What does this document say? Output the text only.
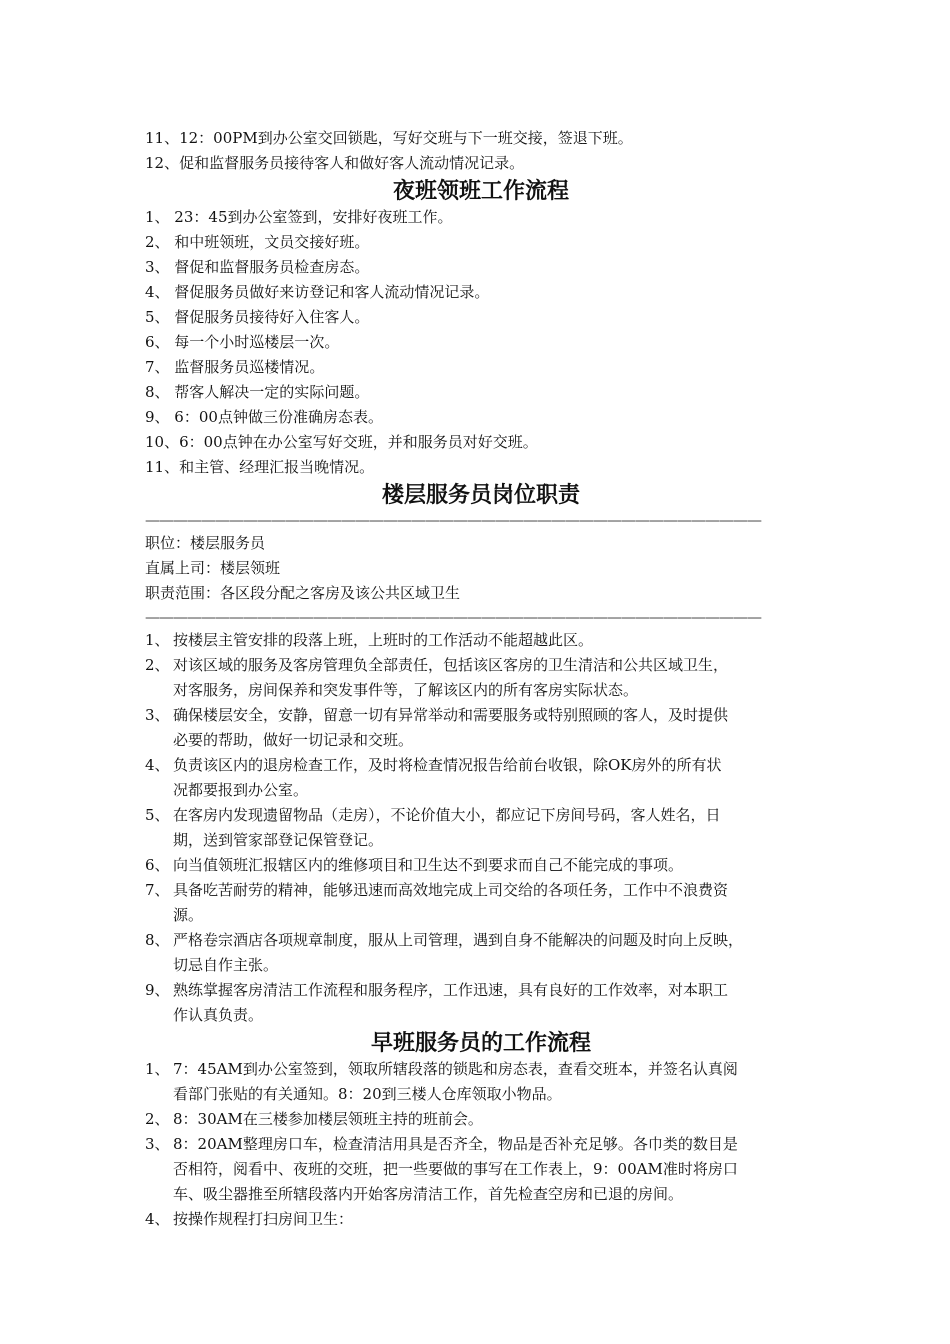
11、12：00PM到办公室交回锁匙，写好交班与下一班交接，签退下班。
12、促和监督服务员接待客人和做好客人流动情况记录。
夜班领班工作流程
1、 23：45到办公室签到，安排好夜班工作。
2、 和中班领班，文员交接好班。
3、 督促和监督服务员检查房态。
4、 督促服务员做好来访登记和客人流动情况记录。
5、 督促服务员接待好入住客人。
6、 每一个小时巡楼层一次。
7、 监督服务员巡楼情况。
8、 帮客人解决一定的实际问题。
9、 6：00点钟做三份准确房态表。
10、6：00点钟在办公室写好交班，并和服务员对好交班。
11、和主管、经理汇报当晚情况。
楼层服务员岗位职责
————————————————————————————————————————————
职位：楼层服务员
直属上司：楼层领班
职责范围：各区段分配之客房及该公共区域卫生
————————————————————————————————————————————
1、 按楼层主管安排的段落上班，上班时的工作活动不能超越此区。
2、 对该区域的服务及客房管理负全部责任，包括该区客房的卫生清洁和公共区域卫生，
对客服务，房间保养和突发事件等，了解该区内的所有客房实际状态。
3、 确保楼层安全，安静，留意一切有异常举动和需要服务或特别照顾的客人，及时提供
必要的帮助，做好一切记录和交班。
4、 负责该区内的退房检查工作，及时将检查情况报告给前台收银，除OK房外的所有状
况都要报到办公室。
5、 在客房内发现遗留物品（走房），不论价值大小，都应记下房间号码，客人姓名，日
期，送到管家部登记保管登记。
6、 向当值领班汇报辖区内的维修项目和卫生达不到要求而自己不能完成的事项。
7、 具备吃苦耐劳的精神，能够迅速而高效地完成上司交给的各项任务，工作中不浪费资
源。
8、 严格卷宗酒店各项规章制度，服从上司管理，遇到自身不能解决的问题及时向上反映，
切忌自作主张。
9、 熟练掌握客房清洁工作流程和服务程序，工作迅速，具有良好的工作效率，对本职工
作认真负责。
早班服务员的工作流程
1、 7：45AM到办公室签到，领取所辖段落的锁匙和房态表，查看交班本，并签名认真阅
看部门张贴的有关通知。8：20到三楼人仓库领取小物品。
2、 8：30AM在三楼参加楼层领班主持的班前会。
3、 8：20AM整理房口车，检查清洁用具是否齐全，物品是否补充足够。各巾类的数目是
否相符，阅看中、夜班的交班，把一些要做的事写在工作表上，9：00AM准时将房口
车、吸尘器推至所辖段落内开始客房清洁工作，首先检查空房和已退的房间。
4、 按操作规程打扫房间卫生：
